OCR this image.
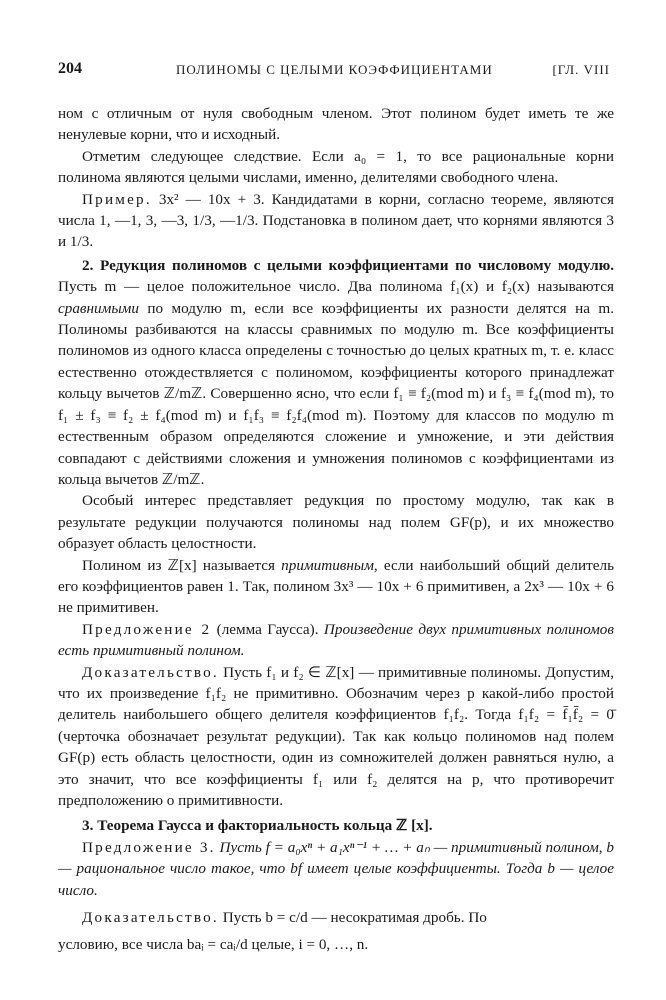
204	ПОЛИНОМЫ С ЦЕЛЫМИ КОЭФФИЦИЕНТАМИ	[ГЛ. VIII

ном с отличным от нуля свободным членом. Этот полином будет иметь те же ненулевые корни, что и исходный.

Отметим следующее следствие. Если a₀ = 1, то все рациональные корни полинома являются целыми числами, именно, делителями свободного члена.

Пример. 3x² — 10x + 3. Кандидатами в корни, согласно теореме, являются числа 1, —1, 3, —3, 1/3, —1/3. Подстановка в полином дает, что корнями являются 3 и 1/3.

2. Редукция полиномов с целыми коэффициентами по числовому модулю. Пусть m — целое положительное число. Два полинома f₁(x) и f₂(x) называются сравнимыми по модулю m, если все коэффициенты их разности делятся на m. Полиномы разбиваются на классы сравнимых по модулю m. Все коэффициенты полиномов из одного класса определены с точностью до целых кратных m, т. е. класс естественно отождествляется с полиномом, коэффициенты которого принадлежат кольцу вычетов ℤ/mℤ. Совершенно ясно, что если f₁ ≡ f₂(mod m) и f₃ ≡ f₄(mod m), то f₁ ± f₃ ≡ f₂ ± f₄(mod m) и f₁f₃ ≡ f₂f₄(mod m). Поэтому для классов по модулю m естественным образом определяются сложение и умножение, и эти действия совпадают с действиями сложения и умножения полиномов с коэффициентами из кольца вычетов ℤ/mℤ.

Особый интерес представляет редукция по простому модулю, так как в результате редукции получаются полиномы над полем GF(p), и их множество образует область целостности.

Полином из ℤ[x] называется примитивным, если наибольший общий делитель его коэффициентов равен 1. Так, полином 3x³ — 10x + 6 примитивен, а 2x³ — 10x + 6 не примитивен.

Предложение 2 (лемма Гаусса). Произведение двух примитивных полиномов есть примитивный полином.

Доказательство. Пусть f₁ и f₂ ∈ ℤ[x] — примитивные полиномы. Допустим, что их произведение f₁f₂ не примитивно. Обозначим через p какой-либо простой делитель наибольшего общего делителя коэффициентов f₁f₂. Тогда f₁f₂ = f̄₁f̄₂ = 0̄ (черточка обозначает результат редукции). Так как кольцо полиномов над полем GF(p) есть область целостности, один из сомножителей должен равняться нулю, а это значит, что все коэффициенты f₁ или f₂ делятся на p, что противоречит предположению о примитивности.

3. Теорема Гаусса и факториальность кольца ℤ [x].

Предложение 3. Пусть f = a₀xⁿ + a₁xⁿ⁻¹ + … + aₙ — примитивный полином, b — рациональное число такое, что bf имеет целые коэффициенты. Тогда b — целое число.

Доказательство. Пусть b = c/d — несократимая дробь. По

условию, все числа baᵢ = caᵢ/d целые, i = 0, …, n.
